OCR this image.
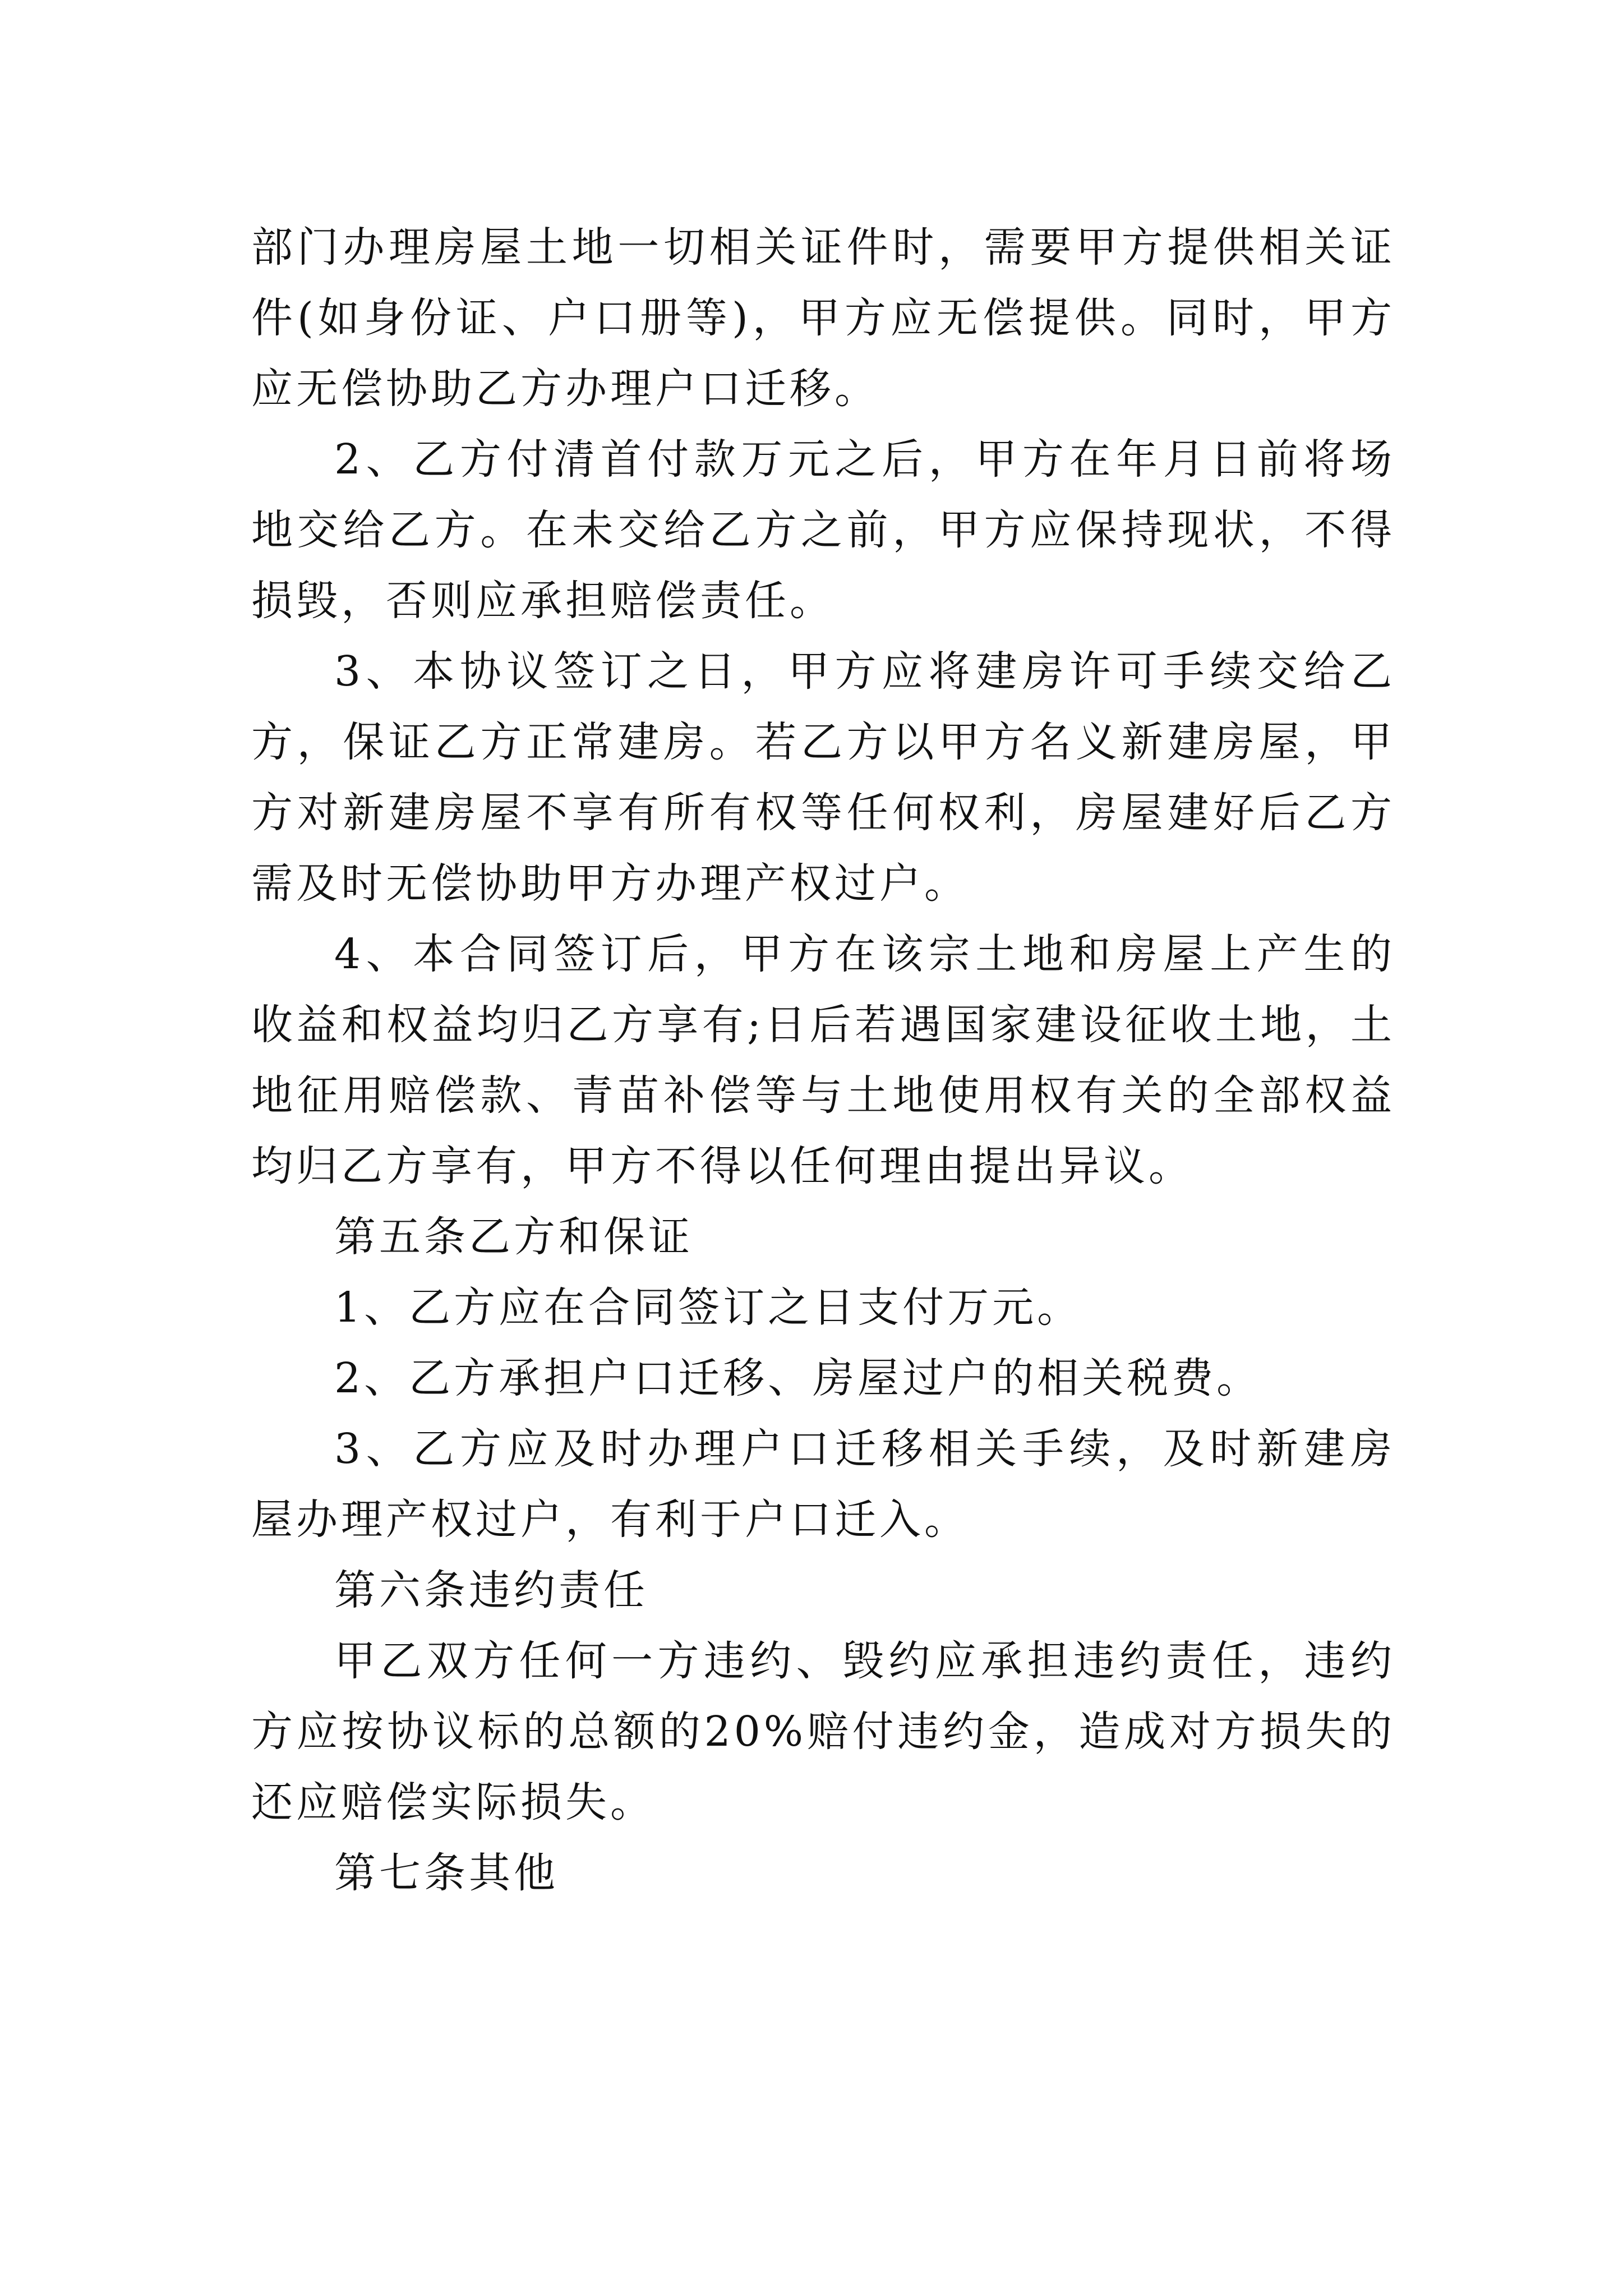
部门办理房屋土地一切相关证件时，需要甲方提供相关证件(如身份证、户口册等)，甲方应无偿提供。同时，甲方应无偿协助乙方办理户口迁移。

2、乙方付清首付款万元之后，甲方在年月日前将场地交给乙方。在未交给乙方之前，甲方应保持现状，不得损毁，否则应承担赔偿责任。

3、本协议签订之日，甲方应将建房许可手续交给乙方，保证乙方正常建房。若乙方以甲方名义新建房屋，甲方对新建房屋不享有所有权等任何权利，房屋建好后乙方需及时无偿协助甲方办理产权过户。

4、本合同签订后，甲方在该宗土地和房屋上产生的收益和权益均归乙方享有;日后若遇国家建设征收土地，土地征用赔偿款、青苗补偿等与土地使用权有关的全部权益均归乙方享有，甲方不得以任何理由提出异议。

第五条乙方和保证

1、乙方应在合同签订之日支付万元。

2、乙方承担户口迁移、房屋过户的相关税费。

3、乙方应及时办理户口迁移相关手续，及时新建房屋办理产权过户，有利于户口迁入。

第六条违约责任

甲乙双方任何一方违约、毁约应承担违约责任，违约方应按协议标的总额的20%赔付违约金，造成对方损失的还应赔偿实际损失。

第七条其他
